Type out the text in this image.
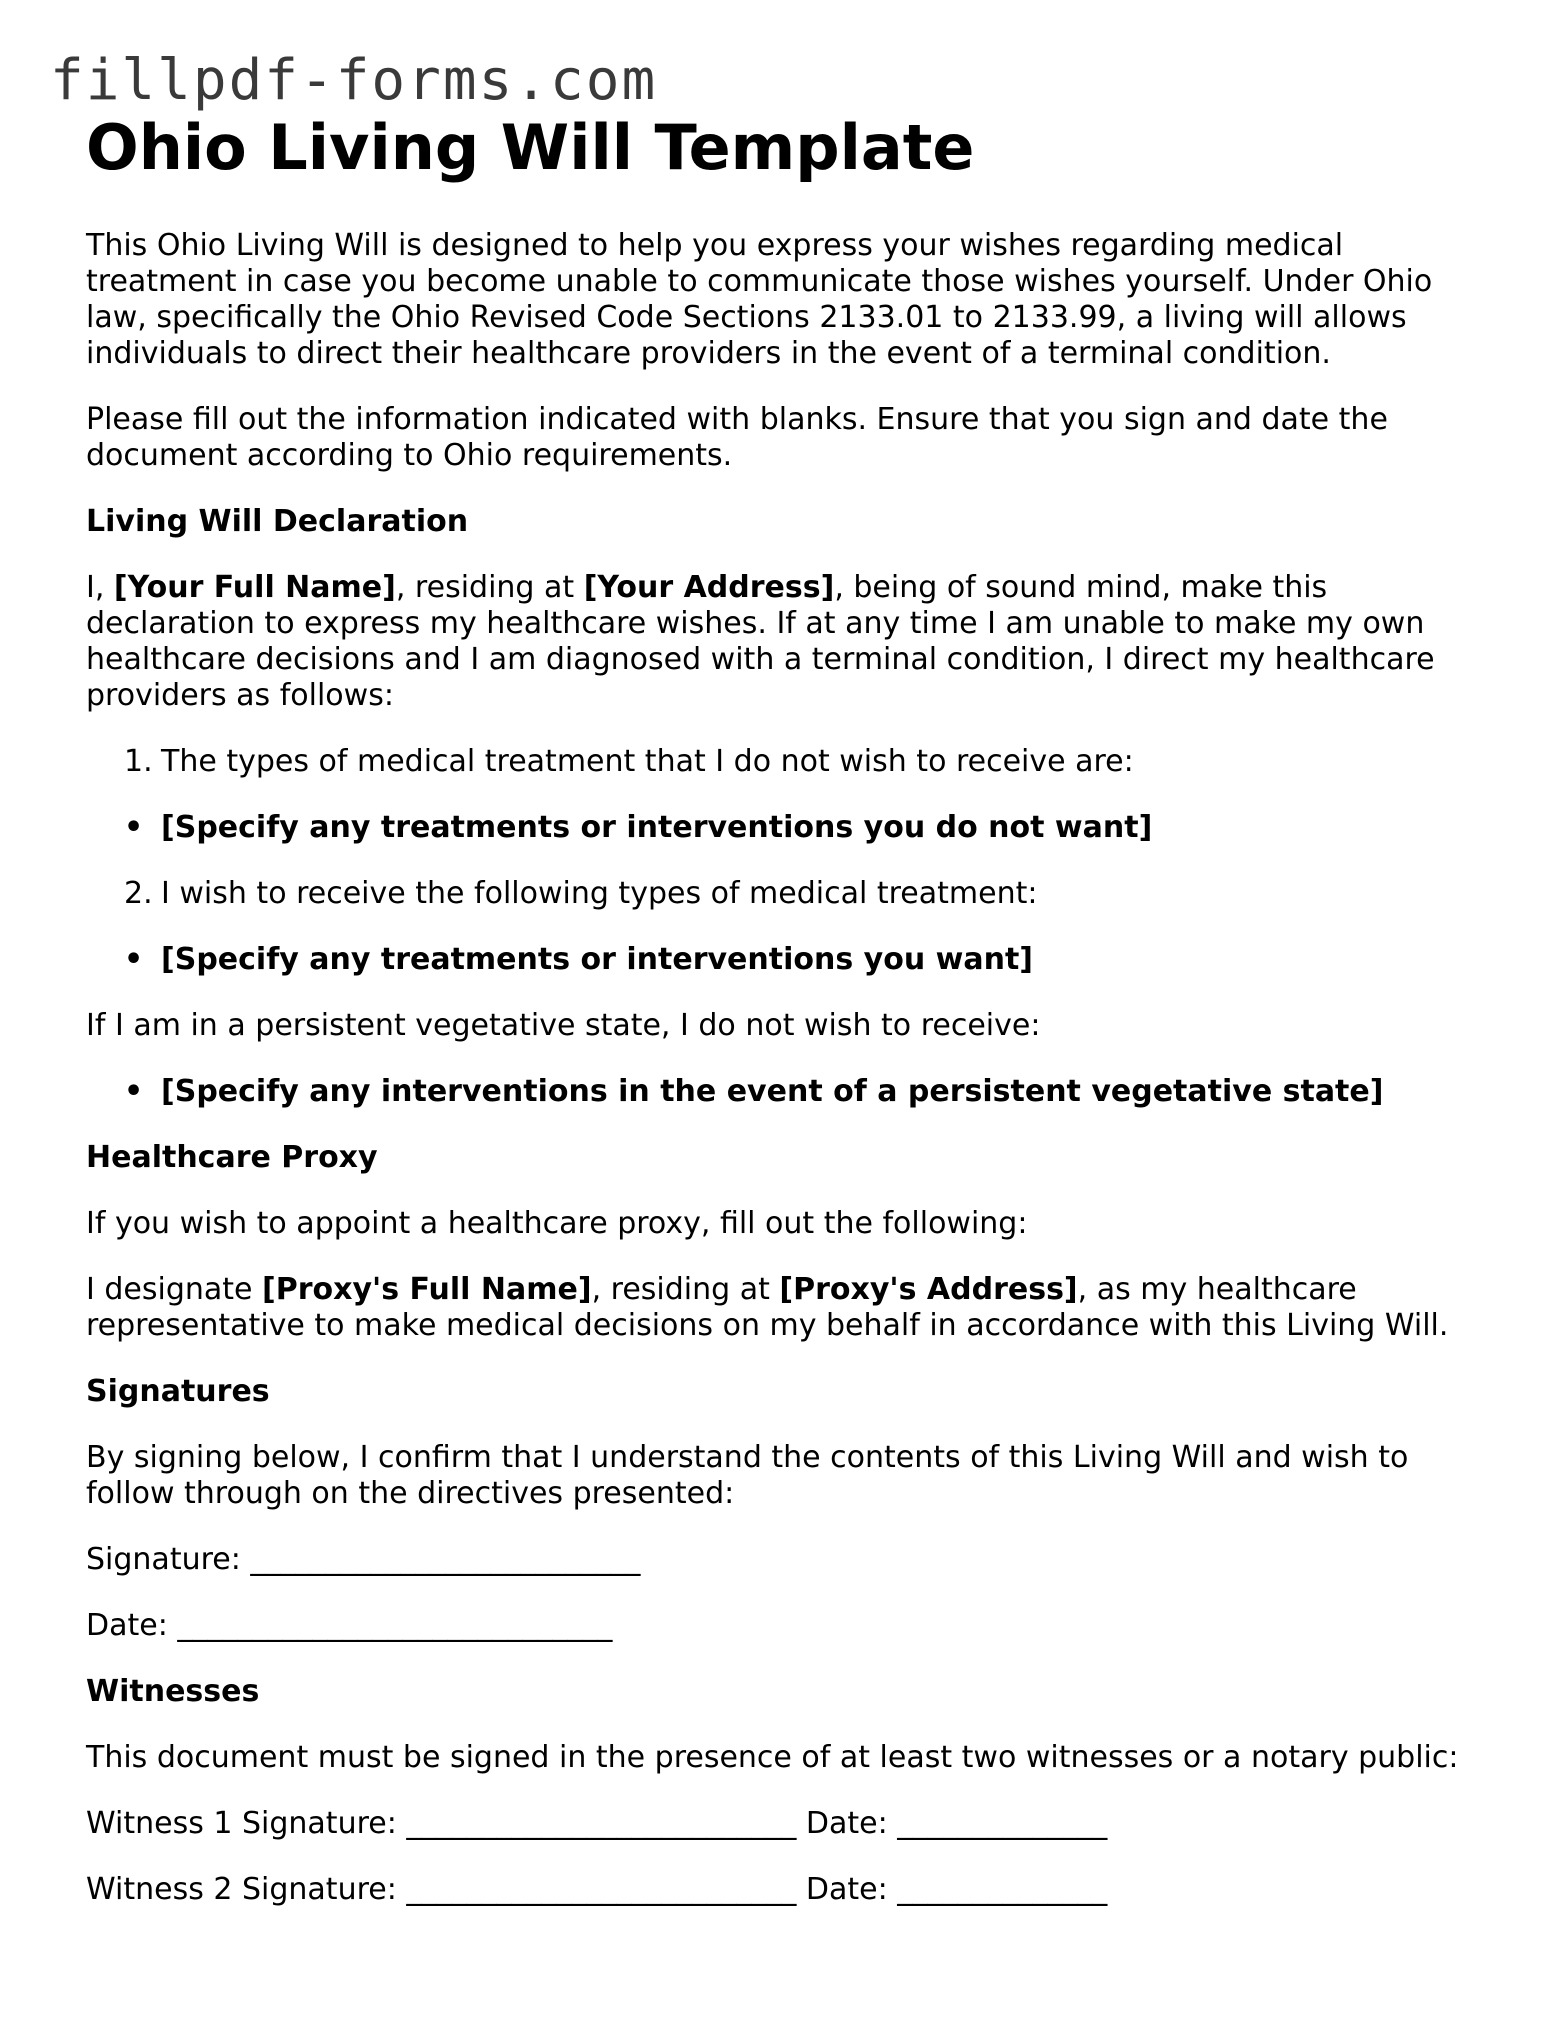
fillpdf-forms.com
Ohio Living Will Template

This Ohio Living Will is designed to help you express your wishes regarding medical treatment in case you become unable to communicate those wishes yourself. Under Ohio law, specifically the Ohio Revised Code Sections 2133.01 to 2133.99, a living will allows individuals to direct their healthcare providers in the event of a terminal condition.

Please fill out the information indicated with blanks. Ensure that you sign and date the document according to Ohio requirements.

Living Will Declaration

I, [Your Full Name], residing at [Your Address], being of sound mind, make this declaration to express my healthcare wishes. If at any time I am unable to make my own healthcare decisions and I am diagnosed with a terminal condition, I direct my healthcare providers as follows:

1. The types of medical treatment that I do not wish to receive are:
• [Specify any treatments or interventions you do not want]
2. I wish to receive the following types of medical treatment:
• [Specify any treatments or interventions you want]

If I am in a persistent vegetative state, I do not wish to receive:

• [Specify any interventions in the event of a persistent vegetative state]

Healthcare Proxy

If you wish to appoint a healthcare proxy, fill out the following:

I designate [Proxy's Full Name], residing at [Proxy's Address], as my healthcare representative to make medical decisions on my behalf in accordance with this Living Will.

Signatures

By signing below, I confirm that I understand the contents of this Living Will and wish to follow through on the directives presented:

Signature: __________________________

Date: _____________________________

Witnesses

This document must be signed in the presence of at least two witnesses or a notary public:

Witness 1 Signature: __________________________ Date: ______________

Witness 2 Signature: __________________________ Date: ______________
